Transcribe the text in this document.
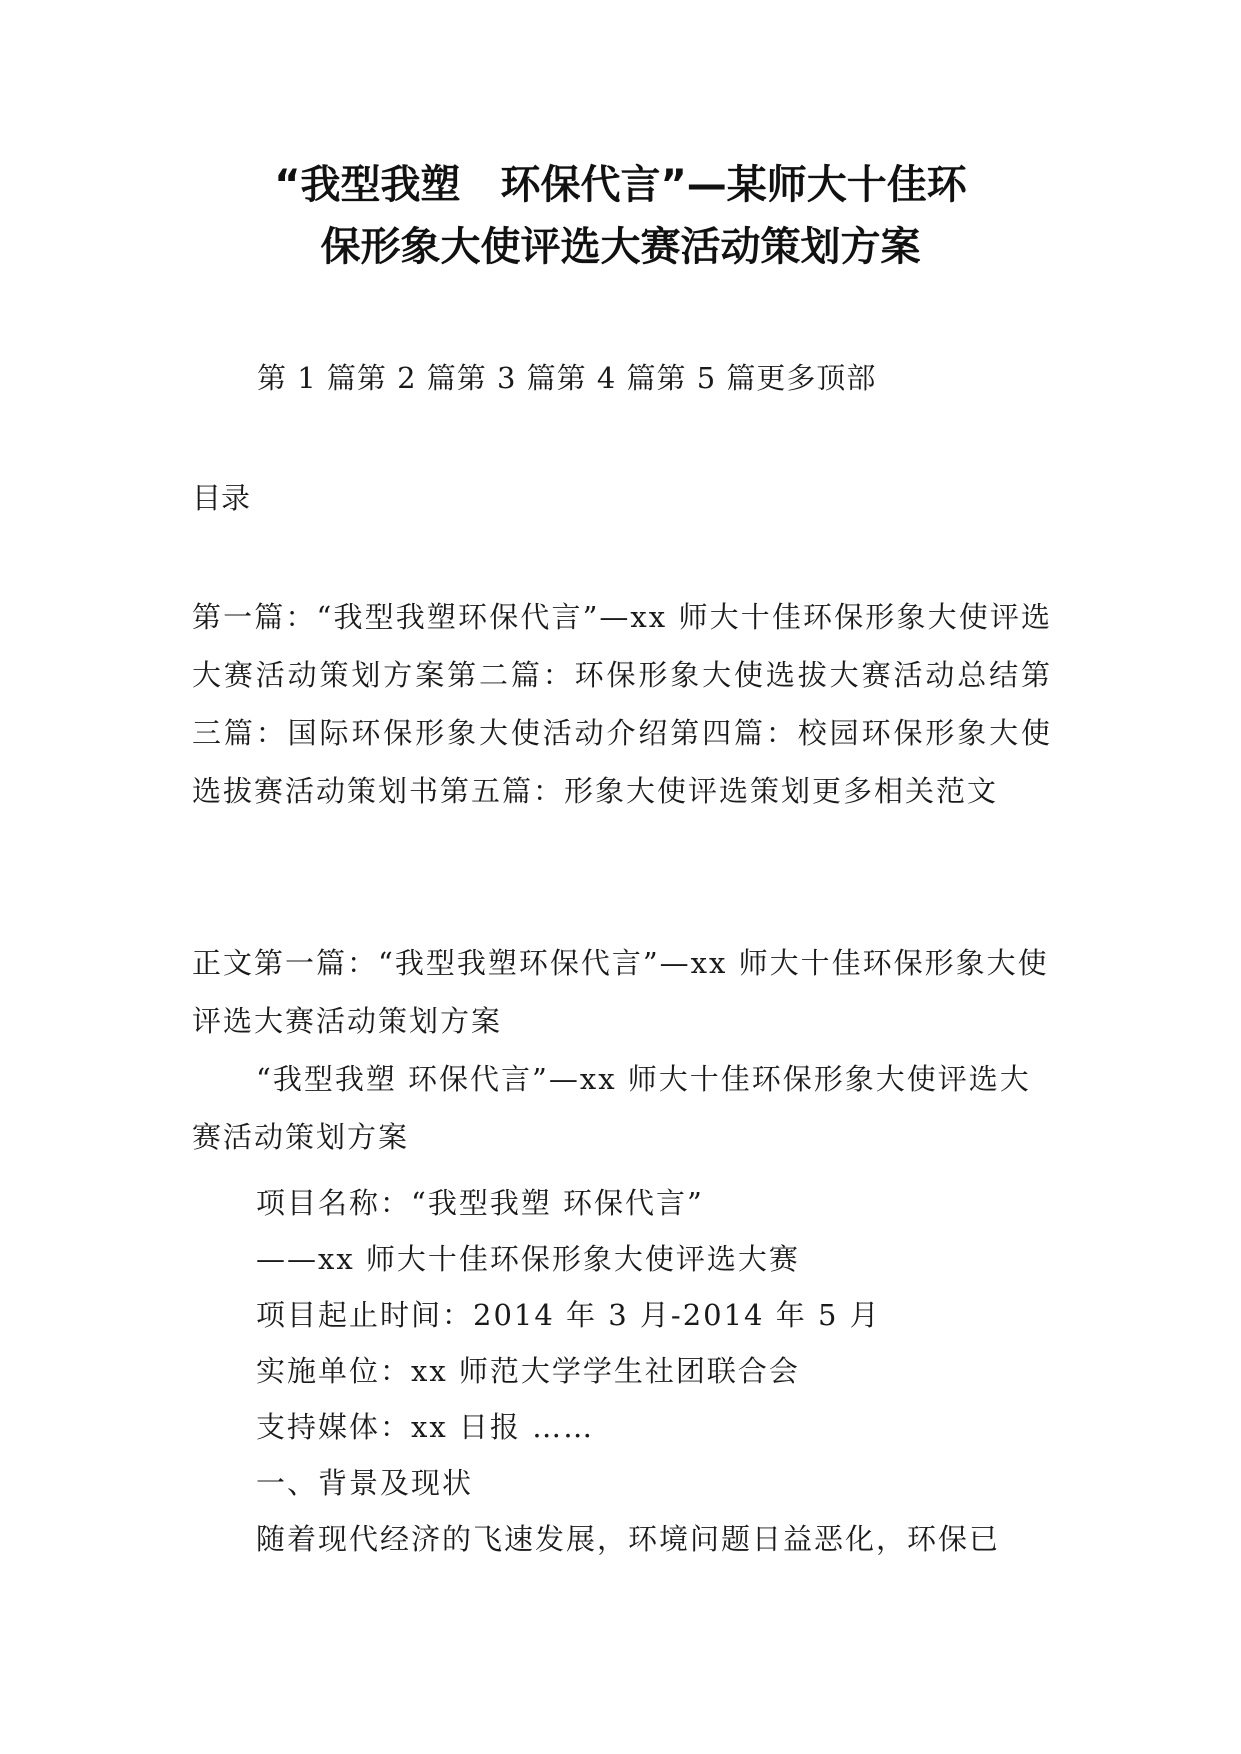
“我型我塑　环保代言”—某师大十佳环
保形象大使评选大赛活动策划方案
第 1 篇第 2 篇第 3 篇第 4 篇第 5 篇更多顶部
目录
第一篇：“我型我塑环保代言”—xx 师大十佳环保形象大使评选大赛活动策划方案第二篇：环保形象大使选拔大赛活动总结第三篇：国际环保形象大使活动介绍第四篇：校园环保形象大使选拔赛活动策划书第五篇：形象大使评选策划更多相关范文

正文第一篇：“我型我塑环保代言”—xx 师大十佳环保形象大使评选大赛活动策划方案

“我型我塑 环保代言”—xx 师大十佳环保形象大使评选大赛活动策划方案

项目名称：“我型我塑 环保代言”
——xx 师大十佳环保形象大使评选大赛
项目起止时间：2014 年 3 月-2014 年 5 月
实施单位：xx 师范大学学生社团联合会
支持媒体：xx 日报 ……
一、背景及现状
随着现代经济的飞速发展，环境问题日益恶化，环保已
